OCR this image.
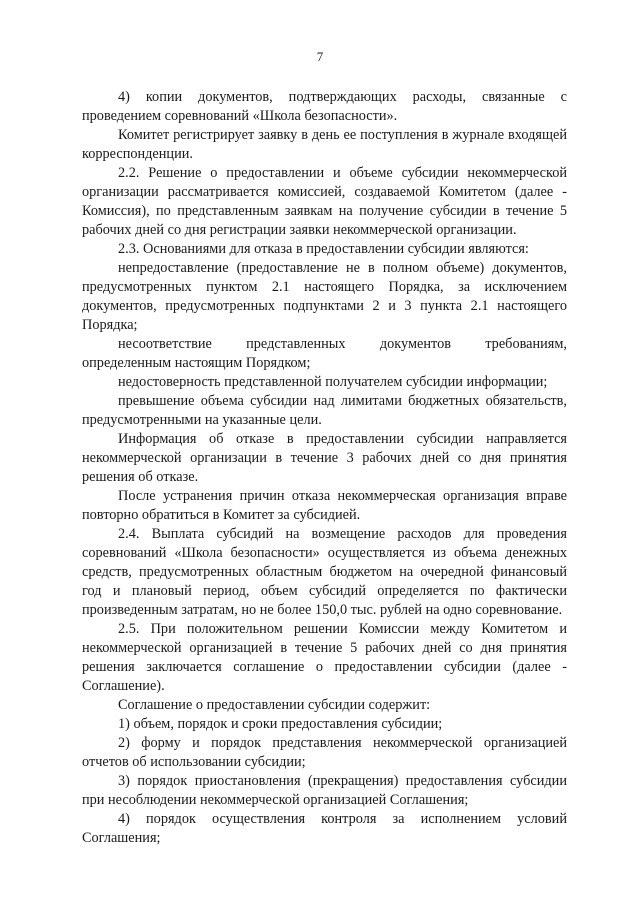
7

4) копии документов, подтверждающих расходы, связанные с проведением соревнований «Школа безопасности».

Комитет регистрирует заявку в день ее поступления в журнале входящей корреспонденции.

2.2. Решение о предоставлении и объеме субсидии некоммерческой организации рассматривается комиссией, создаваемой Комитетом (далее - Комиссия), по представленным заявкам на получение субсидии в течение 5 рабочих дней со дня регистрации заявки некоммерческой организации.

2.3. Основаниями для отказа в предоставлении субсидии являются:

непредоставление (предоставление не в полном объеме) документов, предусмотренных пунктом 2.1 настоящего Порядка, за исключением документов, предусмотренных подпунктами 2 и 3 пункта 2.1 настоящего Порядка;

несоответствие представленных документов требованиям, определенным настоящим Порядком;

недостоверность представленной получателем субсидии информации;

превышение объема субсидии над лимитами бюджетных обязательств, предусмотренными на указанные цели.

Информация об отказе в предоставлении субсидии направляется некоммерческой организации в течение 3 рабочих дней со дня принятия решения об отказе.

После устранения причин отказа некоммерческая организация вправе повторно обратиться в Комитет за субсидией.

2.4. Выплата субсидий на возмещение расходов для проведения соревнований «Школа безопасности» осуществляется из объема денежных средств, предусмотренных областным бюджетом на очередной финансовый год и плановый период, объем субсидий определяется по фактически произведенным затратам, но не более 150,0 тыс. рублей на одно соревнование.

2.5. При положительном решении Комиссии между Комитетом и некоммерческой организацией в течение 5 рабочих дней со дня принятия решения заключается соглашение о предоставлении субсидии (далее - Соглашение).

Соглашение о предоставлении субсидии содержит:

1) объем, порядок и сроки предоставления субсидии;

2) форму и порядок представления некоммерческой организацией отчетов об использовании субсидии;

3) порядок приостановления (прекращения) предоставления субсидии при несоблюдении некоммерческой организацией Соглашения;

4) порядок осуществления контроля за исполнением условий Соглашения;
